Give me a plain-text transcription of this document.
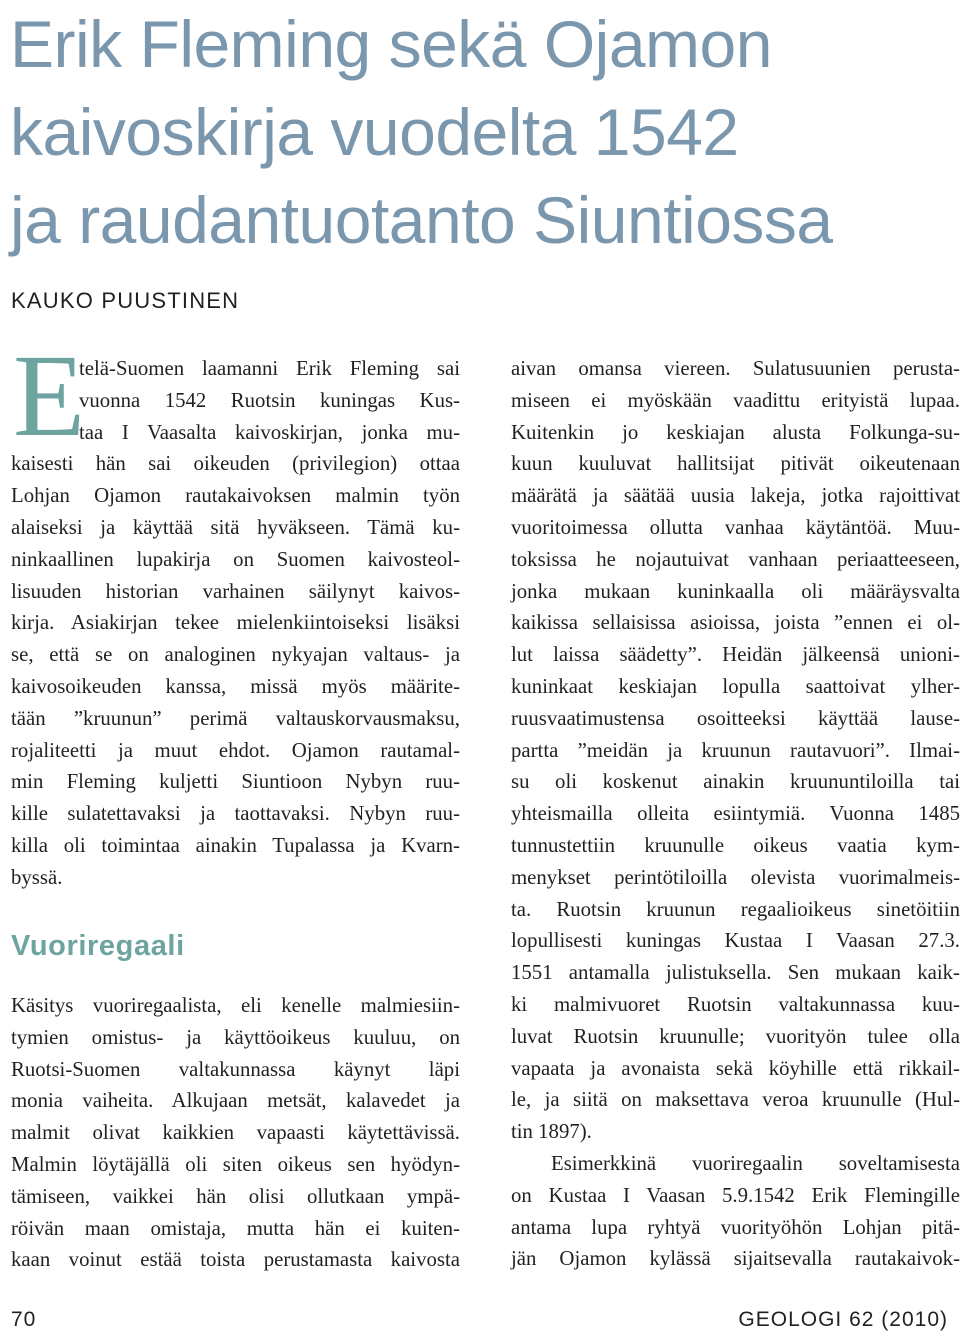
Erik Fleming sekä Ojamon
kaivoskirja vuodelta 1542
ja raudantuotanto Siuntiossa

KAUKO PUUSTINEN

E
telä-Suomen laamanni Erik Fleming sai
vuonna 1542 Ruotsin kuningas Kus-
taa I Vaasalta kaivoskirjan, jonka mu-
kaisesti hän sai oikeuden (privilegion) ottaa
Lohjan Ojamon rautakaivoksen malmin työn
alaiseksi ja käyttää sitä hyväkseen. Tämä ku-
ninkaallinen lupakirja on Suomen kaivosteol-
lisuuden historian varhainen säilynyt kaivos-
kirja. Asiakirjan tekee mielenkiintoiseksi lisäksi
se, että se on analoginen nykyajan valtaus- ja
kaivosoikeuden kanssa, missä myös määrite-
tään ”kruunun” perimä valtauskorvausmaksu,
rojaliteetti ja muut ehdot. Ojamon rautamal-
min Fleming kuljetti Siuntioon Nybyn ruu-
kille sulatettavaksi ja taottavaksi. Nybyn ruu-
killa oli toimintaa ainakin Tupalassa ja Kvarn-
byssä.
Vuoriregaali
Käsitys vuoriregaalista, eli kenelle malmiesiin-
tymien omistus- ja käyttöoikeus kuuluu, on
Ruotsi-Suomen valtakunnassa käynyt läpi
monia vaiheita. Alkujaan metsät, kalavedet ja
malmit olivat kaikkien vapaasti käytettävissä.
Malmin löytäjällä oli siten oikeus sen hyödyn-
tämiseen, vaikkei hän olisi ollutkaan ympä-
röivän maan omistaja, mutta hän ei kuiten-
kaan voinut estää toista perustamasta kaivosta
aivan omansa viereen. Sulatusuunien perusta-
miseen ei myöskään vaadittu erityistä lupaa.
Kuitenkin jo keskiajan alusta Folkunga-su-
kuun kuuluvat hallitsijat pitivät oikeutenaan
määrätä ja säätää uusia lakeja, jotka rajoittivat
vuoritoimessa ollutta vanhaa käytäntöä. Muu-
toksissa he nojautuivat vanhaan periaatteeseen,
jonka mukaan kuninkaalla oli määräysvalta
kaikissa sellaisissa asioissa, joista ”ennen ei ol-
lut laissa säädetty”. Heidän jälkeensä unioni-
kuninkaat keskiajan lopulla saattoivat ylher-
ruusvaatimustensa osoitteeksi käyttää lause-
partta ”meidän ja kruunun rautavuori”. Ilmai-
su oli koskenut ainakin kruununtiloilla tai
yhteismailla olleita esiintymiä. Vuonna 1485
tunnustettiin kruunulle oikeus vaatia kym-
menykset perintötiloilla olevista vuorimalmeis-
ta. Ruotsin kruunun regaalioikeus sinetöitiin
lopullisesti kuningas Kustaa I Vaasan 27.3.
1551 antamalla julistuksella. Sen mukaan kaik-
ki malmivuoret Ruotsin valtakunnassa kuu-
luvat Ruotsin kruunulle; vuorityön tulee olla
vapaata ja avonaista sekä köyhille että rikkail-
le, ja siitä on maksettava veroa kruunulle (Hul-
tin 1897).
Esimerkkinä vuoriregaalin soveltamisesta
on Kustaa I Vaasan 5.9.1542 Erik Flemingille
antama lupa ryhtyä vuorityöhön Lohjan pitä-
jän Ojamon kylässä sijaitsevalla rautakaivok-
70	GEOLOGI 62 (2010)
